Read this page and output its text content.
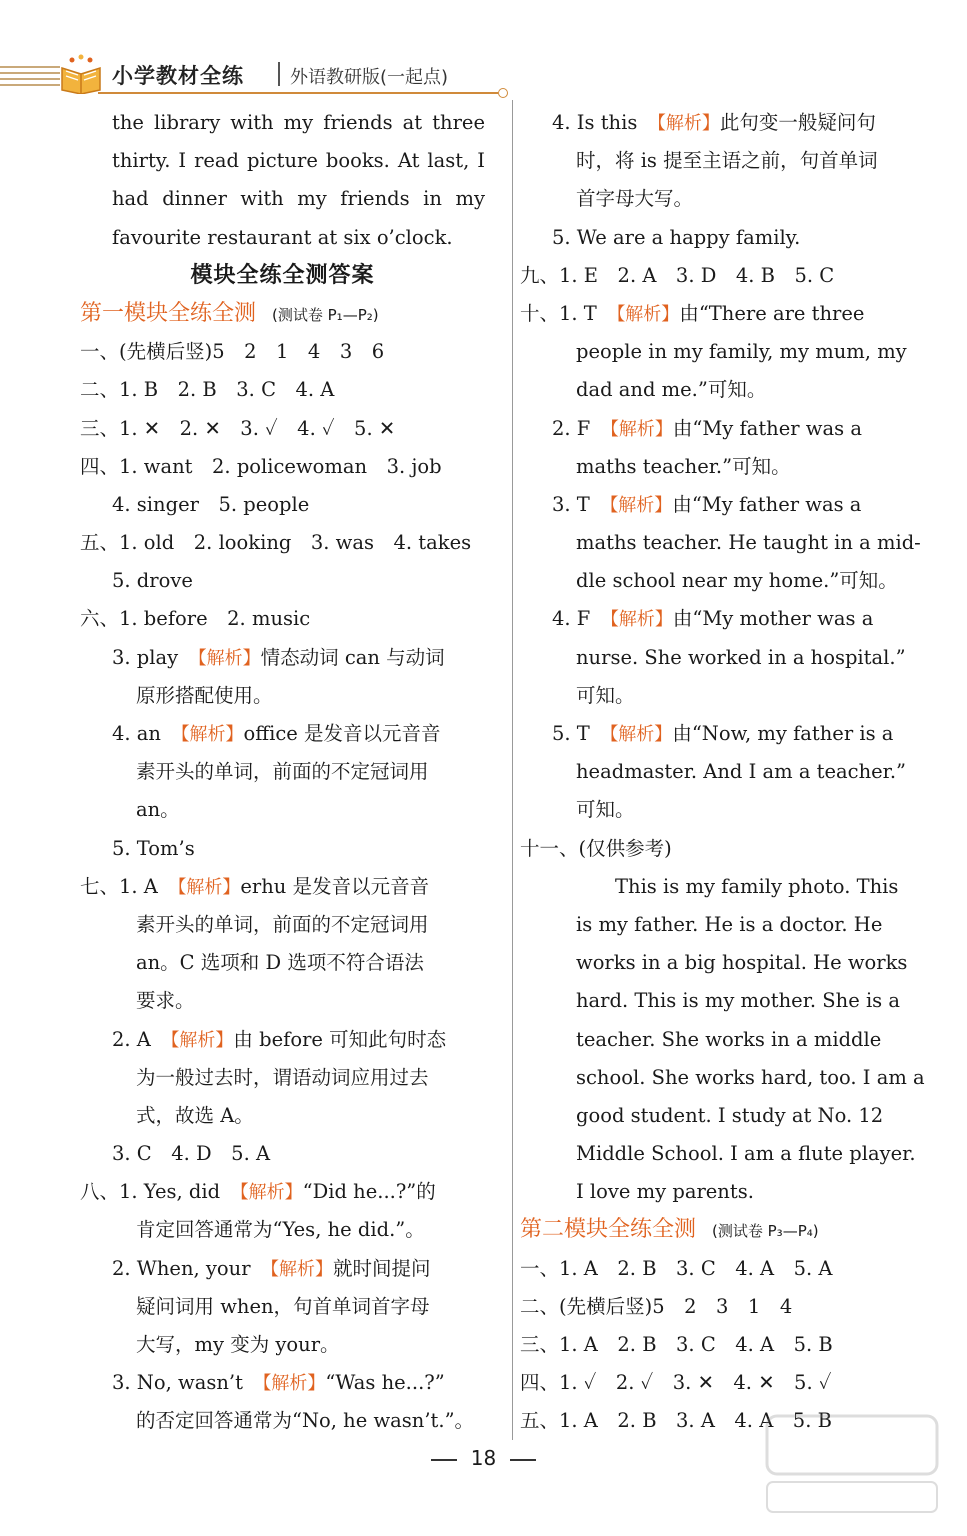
小学教材全练	外语教研版(一起点)
the library with my friends at three
thirty. I read picture books. At last, I
had dinner with my friends in my
favourite restaurant at six o’clock.
模块全练全测答案
第一模块全练全测 (测试卷 P₁—P₂)
一、(先横后竖)5　2　1　4　3　6
二、1. B　2. B　3. C　4. A
三、1. ✕　2. ✕　3. ✓　4. ✓　5. ✕
四、1. want　2. policewoman　3. job
4. singer　5. people
五、1. old　2. looking　3. was　4. takes
5. drove
六、1. before　2. music
3. play　【解析】情态动词 can 与动词
原形搭配使用。
4. an　【解析】office 是发音以元音音
素开头的单词，前面的不定冠词用
an。
5. Tom’s
七、1. A　【解析】erhu 是发音以元音音
素开头的单词，前面的不定冠词用
an。C 选项和 D 选项不符合语法
要求。
2. A　【解析】由 before 可知此句时态
为一般过去时，谓语动词应用过去
式，故选 A。
3. C　4. D　5. A
八、1. Yes, did　【解析】“Did he...?”的
肯定回答通常为“Yes, he did.”。
2. When, your　【解析】就时间提问
疑问词用 when，句首单词首字母
大写，my 变为 your。
3. No, wasn’t　【解析】“Was he...?”
的否定回答通常为“No, he wasn’t.”。
4. Is this　【解析】此句变一般疑问句
时，将 is 提至主语之前，句首单词
首字母大写。
5. We are a happy family.
九、1. E　2. A　3. D　4. B　5. C
十、1. T　【解析】由“There are three
people in my family, my mum, my
dad and me.”可知。
2. F　【解析】由“My father was a
maths teacher.”可知。
3. T　【解析】由“My father was a
maths teacher. He taught in a mid-
dle school near my home.”可知。
4. F　【解析】由“My mother was a
nurse. She worked in a hospital.”
可知。
5. T　【解析】由“Now, my father is a
headmaster. And I am a teacher.”
可知。
十一、(仅供参考)
This is my family photo. This
is my father. He is a doctor. He
works in a big hospital. He works
hard. This is my mother. She is a
teacher. She works in a middle
school. She works hard, too. I am a
good student. I study at No. 12
Middle School. I am a flute player.
I love my parents.
第二模块全练全测 (测试卷 P₃—P₄)
一、1. A　2. B　3. C　4. A　5. A
二、(先横后竖)5　2　3　1　4
三、1. A　2. B　3. C　4. A　5. B
四、1. ✓　2. ✓　3. ✕　4. ✕　5. ✓
五、1. A　2. B　3. A　4. A　5. B
18
